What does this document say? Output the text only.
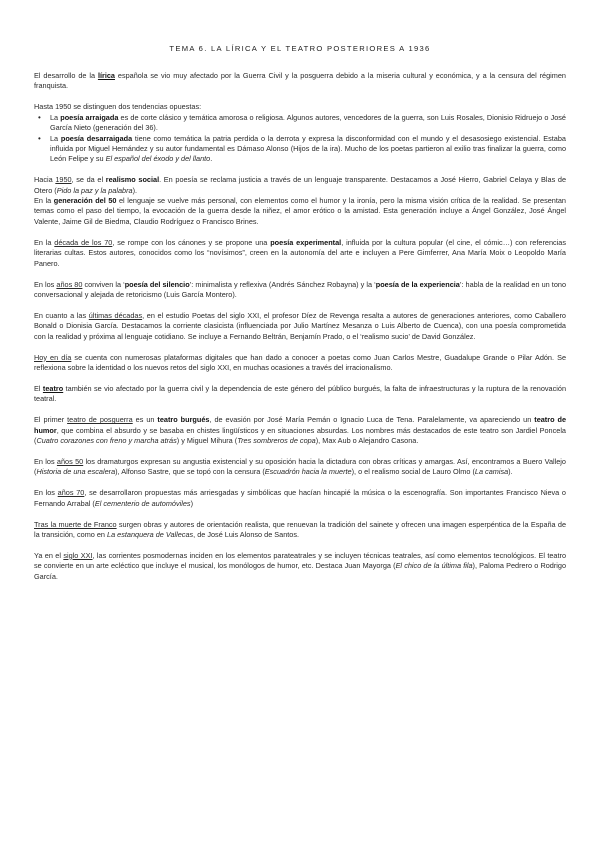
TEMA 6. LA LÍRICA Y EL TEATRO POSTERIORES A 1936

El desarrollo de la lírica española se vio muy afectado por la Guerra Civil y la posguerra debido a la miseria cultural y económica, y a la censura del régimen franquista.

Hasta 1950 se distinguen dos tendencias opuestas:

• La poesía arraigada es de corte clásico y temática amorosa o religiosa. Algunos autores, vencedores de la guerra, son Luis Rosales, Dionisio Ridruejo o José García Nieto (generación del 36).
• La poesía desarraigada tiene como temática la patria perdida o la derrota y expresa la disconformidad con el mundo y el desasosiego existencial. Estaba influida por Miguel Hernández y su autor fundamental es Dámaso Alonso (Hijos de la ira). Mucho de los poetas partieron al exilio tras finalizar la guerra, como León Felipe y su El español del éxodo y del llanto.

Hacia 1950, se da el realismo social. En poesía se reclama justicia a través de un lenguaje transparente. Destacamos a José Hierro, Gabriel Celaya y Blas de Otero (Pido la paz y la palabra).

En la generación del 50 el lenguaje se vuelve más personal, con elementos como el humor y la ironía, pero la misma visión crítica de la realidad. Se presentan temas como el paso del tiempo, la evocación de la guerra desde la niñez, el amor erótico o la amistad. Esta generación incluye a Ángel González, José Ángel Valente, Jaime Gil de Biedma, Claudio Rodríguez o Francisco Brines.

En la década de los 70, se rompe con los cánones y se propone una poesía experimental, influida por la cultura popular (el cine, el cómic…) con referencias literarias cultas. Estos autores, conocidos como los “novísimos”, creen en la autonomía del arte e incluyen a Pere Gimferrer, Ana María Moix o Leopoldo María Panero.

En los años 80 conviven la ‘poesía del silencio’: minimalista y reflexiva (Andrés Sánchez Robayna) y la ‘poesía de la experiencia’: habla de la realidad en un tono conversacional y alejada de retoricismo (Luis García Montero).

En cuanto a las últimas décadas, en el estudio Poetas del siglo XXI, el profesor Díez de Revenga resalta a autores de generaciones anteriores, como Caballero Bonald o Dionisia García. Destacamos la corriente clasicista (influenciada por Julio Martínez Mesanza o Luis Alberto de Cuenca), con una poesía comprometida con la realidad y próxima al lenguaje cotidiano. Se incluye a Fernando Beltrán, Benjamín Prado, o el ‘realismo sucio’ de David González.

Hoy en día se cuenta con numerosas plataformas digitales que han dado a conocer a poetas como Juan Carlos Mestre, Guadalupe Grande o Pilar Adón. Se reflexiona sobre la identidad o los nuevos retos del siglo XXI, en muchas ocasiones a través del irracionalismo.

El teatro también se vio afectado por la guerra civil y la dependencia de este género del público burgués, la falta de infraestructuras y la ruptura de la renovación teatral.

El primer teatro de posguerra es un teatro burgués, de evasión por José María Pemán o Ignacio Luca de Tena. Paralelamente, va apareciendo un teatro de humor, que combina el absurdo y se basaba en chistes lingüísticos y en situaciones absurdas. Los nombres más destacados de este teatro son Jardiel Poncela (Cuatro corazones con freno y marcha atrás) y Miguel Mihura (Tres sombreros de copa), Max Aub o Alejandro Casona.

En los años 50 los dramaturgos expresan su angustia existencial y su oposición hacia la dictadura con obras críticas y amargas. Así, encontramos a Buero Vallejo (Historia de una escalera), Alfonso Sastre, que se topó con la censura (Escuadrón hacia la muerte), o el realismo social de Lauro Olmo (La camisa).

En los años 70, se desarrollaron propuestas más arriesgadas y simbólicas que hacían hincapié la música o la escenografía. Son importantes Francisco Nieva o Fernando Arrabal (El cementerio de automóviles)

Tras la muerte de Franco surgen obras y autores de orientación realista, que renuevan la tradición del sainete y ofrecen una imagen esperpéntica de la España de la transición, como en La estanquera de Vallecas, de José Luis Alonso de Santos.

Ya en el siglo XXI, las corrientes posmodernas inciden en los elementos parateatrales y se incluyen técnicas teatrales, así como elementos tecnológicos. El teatro se convierte en un arte ecléctico que incluye el musical, los monólogos de humor, etc. Destaca Juan Mayorga (El chico de la última fila), Paloma Pedrero o Rodrigo García.
